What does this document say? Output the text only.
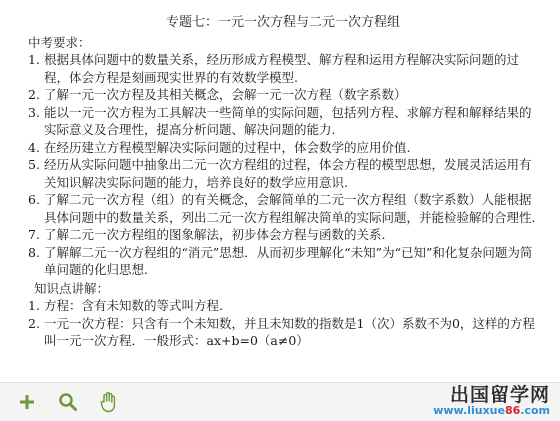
专题七：一元一次方程与二元一次方程组
中考要求：
1. 根据具体问题中的数量关系，经历形成方程模型、解方程和运用方程解决实际问题的过程，体会方程是刻画现实世界的有效数学模型.
2. 了解一元一次方程及其相关概念，会解一元一次方程（数字系数）
3. 能以一元一次方程为工具解决一些简单的实际问题，包括列方程、求解方程和解释结果的实际意义及合理性，提高分析问题、解决问题的能力.
4. 在经历建立方程模型解决实际问题的过程中，体会数学的应用价值.
5. 经历从实际问题中抽象出二元一次方程组的过程，体会方程的模型思想，发展灵活运用有关知识解决实际问题的能力，培养良好的数学应用意识.
6. 了解二元一次方程（组）的有关概念，会解简单的二元一次方程组（数字系数）人能根据具体问题中的数量关系，列出二元一次方程组解决简单的实际问题，并能检验解的合理性.
7. 了解二元一次方程组的图象解法，初步体会方程与函数的关系.
8. 了解解二元一次方程组的“消元”思想．从而初步理解化“未知”为“已知”和化复杂问题为简单问题的化归思想.
知识点讲解：
1. 方程：含有未知数的等式叫方程.
2. 一元一次方程：只含有一个未知数，并且未知数的指数是1（次）系数不为0，这样的方程叫一元一次方程．一般形式：ax+b=0（a≠0）
出国留学网
www.liuxue86.com
